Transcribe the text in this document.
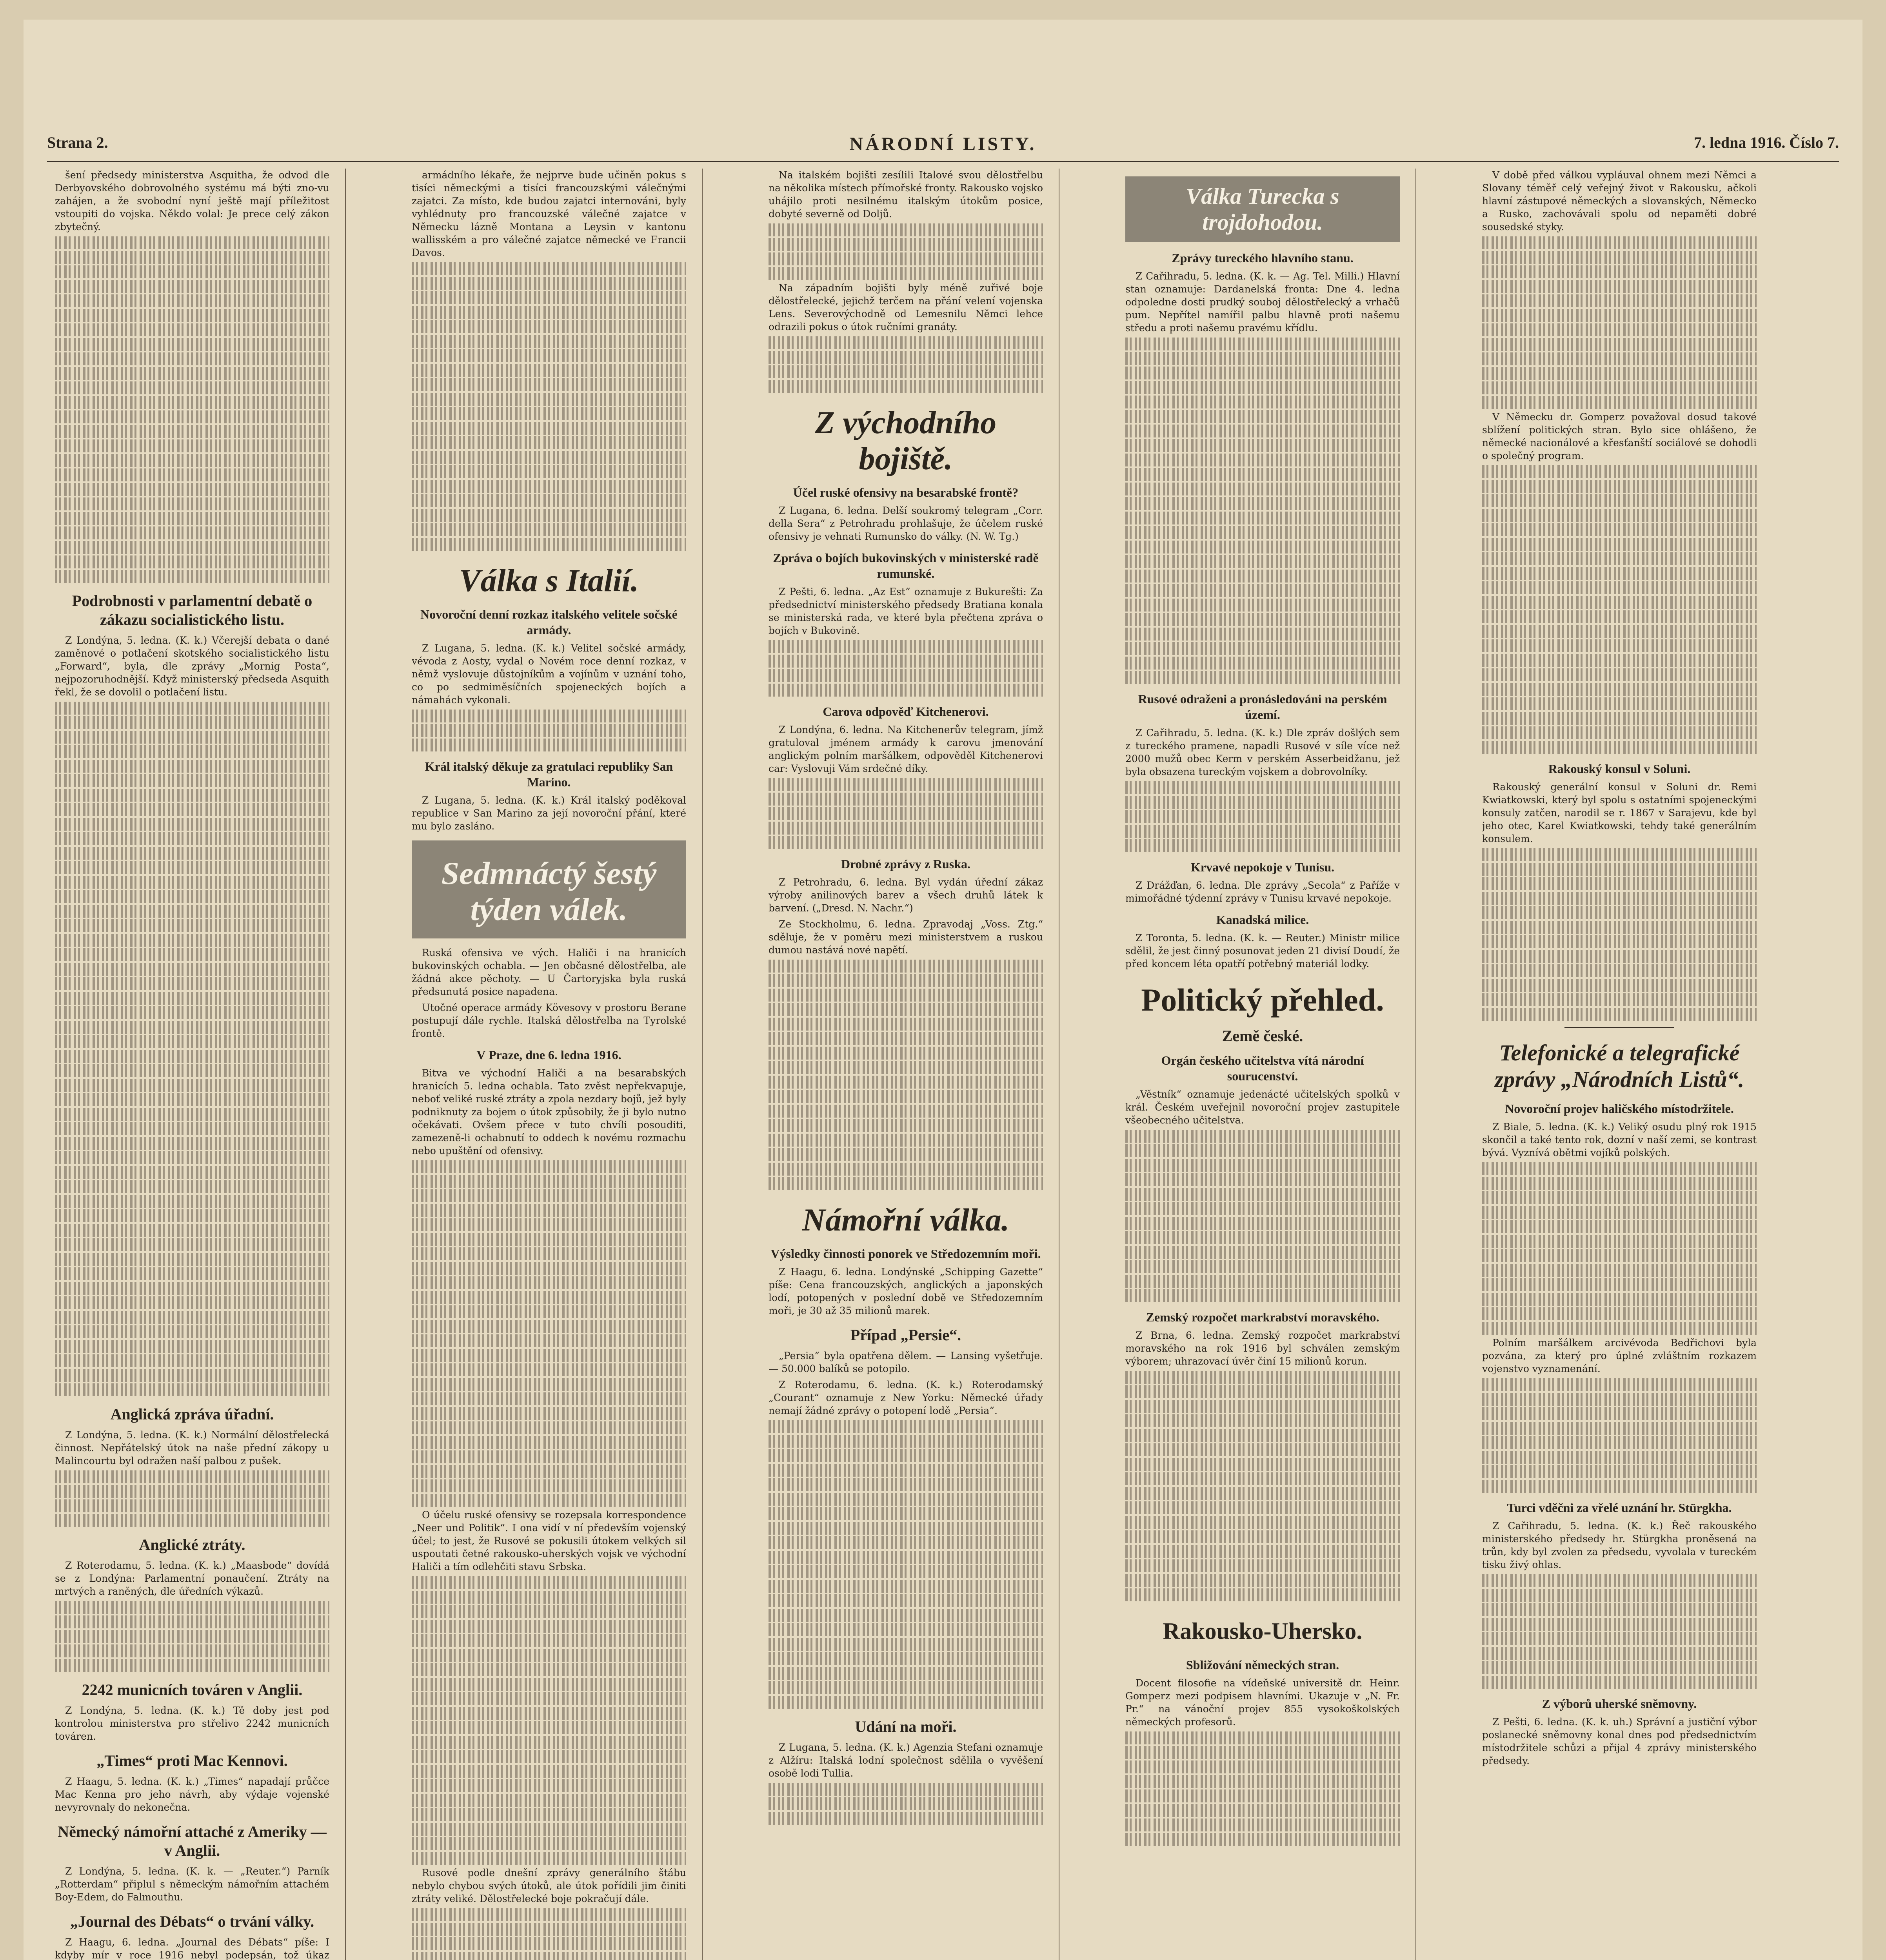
Strana 2.	NÁRODNÍ LISTY.	7. ledna 1916. Číslo 7.

šení předsedy ministerstva Asquitha, že odvod dle Derbyovského dobrovolného systému má býti zno-vu zahájen, a že svobodní nyní ještě mají příležitost vstoupiti do vojska. Někdo volal: Je prece celý zákon zbytečný.

Podrobnosti v parlamentní debatě o zákazu socialistického listu.

Z Londýna, 5. ledna. (K. k.) Včerejší debata o dané zaměnové o potlačení skotského socialistického listu „Forward“, byla, dle zprávy „Mornig Posta“, nejpozoruhodnější. Když ministerský předseda Asquith řekl, že se dovolil o potlačení listu.

Anglická zpráva úřadní.

Z Londýna, 5. ledna. (K. k.) Normální dělostřelecká činnost. Nepřátelský útok na naše přední zákopy u Malincourtu byl odražen naší palbou z pušek.

Anglické ztráty.

Z Roterodamu, 5. ledna. (K. k.) „Maasbode“ dovídá se z Londýna: Parlamentní ponaučení. Ztráty na mrtvých a raněných, dle úředních výkazů.

2242 municních továren v Anglii.

Z Londýna, 5. ledna. (K. k.) Tě doby jest pod kontrolou ministerstva pro střelivo 2242 municních továren.

„Times“ proti Mac Kennovi.

Z Haagu, 5. ledna. (K. k.) „Times“ napadají průčce Mac Kenna pro jeho návrh, aby výdaje vojenské nevyrovnaly do nekonečna.

Německý námořní attaché z Ameriky — v Anglii.

Z Londýna, 5. ledna. (K. k. — „Reuter.“) Parník „Rotterdam“ připlul s německým námořním attachém Boy-Edem, do Falmouthu.

„Journal des Débats“ o trvání války.

Z Haagu, 6. ledna. „Journal des Débats“ píše: I kdyby mír v roce 1916 nebyl podepsán, tož úkaz

armádního lékaře, že nejprve bude učiněn pokus s tisíci německými a tisíci francouzskými válečnými zajatci. Za místo, kde budou zajatci internováni, byly vyhlédnuty pro francouzské válečné zajatce v Německu lázně Montana a Leysin v kantonu wallisském a pro válečné zajatce německé ve Francii Davos.

Válka s Italií.
Novoroční denní rozkaz italského velitele sočské armády.

Z Lugana, 5. ledna. (K. k.) Velitel sočské armády, vévoda z Aosty, vydal o Novém roce denní rozkaz, v němž vyslovuje důstojníkům a vojínům v uznání toho, co po sedmiměsíčních spojeneckých bojích a námahách vykonali.

Král italský děkuje za gratulaci republiky San Marino.

Z Lugana, 5. ledna. (K. k.) Král italský poděkoval republice v San Marino za její novoroční přání, které mu bylo zasláno.

Sedmnáctý šestý týden válek.

Ruská ofensiva ve vých. Haliči i na hranicích bukovinských ochabla. — Jen občasné dělostřelba, ale žádná akce pěchoty. — U Čartoryjska byla ruská předsunutá posice napadena.

Utočné operace armády Kövesovy v prostoru Berane postupují dále rychle. Italská dělostřelba na Tyrolské frontě.

V Praze, dne 6. ledna 1916.

Bitva ve východní Haliči a na besarabských hranicích 5. ledna ochabla. Tato zvěst nepřekvapuje, neboť veliké ruské ztráty a zpola nezdary bojů, jež byly podniknuty za bojem o útok způsobily, že ji bylo nutno očekávati. Ovšem přece v tuto chvíli posouditi, zamezeně-li ochabnutí to oddech k novému rozmachu nebo upuštění od ofensivy.

O účelu ruské ofensivy se rozepsala korrespondence „Neer und Politik“. I ona vidí v ní především vojenský účel; to jest, že Rusové se pokusili útokem velkých sil uspoutati četné rakousko-uherských vojsk ve východní Haliči a tím odlehčiti stavu Srbska.

Rusové podle dnešní zprávy generálního štábu nebylo chybou svých útoků, ale útok pořídili jim činiti ztráty veliké. Dělostřelecké boje pokračují dále.

Na italském bojišti zesílili Italové svou dělostřelbu na několika místech přímořské fronty. Rakousko vojsko uhájilo proti nesilnému italským útokům posice, dobyté severně od Doljů.

Na západním bojišti byly méně zuřivé boje dělostřelecké, jejichž terčem na přání velení vojenska Lens. Severovýchodně od Lemesnilu Němci lehce odrazili pokus o útok ručními granáty.

Z východního bojiště.
Účel ruské ofensivy na besarabské frontě?

Z Lugana, 6. ledna. Delší soukromý telegram „Corr. della Sera“ z Petrohradu prohlašuje, že účelem ruské ofensivy je vehnati Rumunsko do války. (N. W. Tg.)

Zpráva o bojích bukovinských v ministerské radě rumunské.

Z Pešti, 6. ledna. „Az Est“ oznamuje z Bukurešti: Za předsednictví ministerského předsedy Bratiana konala se ministerská rada, ve které byla přečtena zpráva o bojích v Bukovině.

Carova odpověď Kitchenerovi.

Z Londýna, 6. ledna. Na Kitchenerův telegram, jímž gratuloval jménem armády k carovu jmenování anglickým polním maršálkem, odpověděl Kitchenerovi car: Vyslovuji Vám srdečné díky.

Drobné zprávy z Ruska.

Z Petrohradu, 6. ledna. Byl vydán úřední zákaz výroby anilinových barev a všech druhů látek k barvení. („Dresd. N. Nachr.“)

Ze Stockholmu, 6. ledna. Zpravodaj „Voss. Ztg.“ sděluje, že v poměru mezi ministerstvem a ruskou dumou nastává nové napětí.

Námořní válka.
Výsledky činnosti ponorek ve Středozemním moři.

Z Haagu, 6. ledna. Londýnské „Schipping Gazette“ píše: Cena francouzských, anglických a japonských lodí, potopených v poslední době ve Středozemním moři, je 30 až 35 milionů marek.

Případ „Persie“.

„Persia“ byla opatřena dělem. — Lansing vyšetřuje. — 50.000 balíků se potopilo.

Z Roterodamu, 6. ledna. (K. k.) Roterodamský „Courant“ oznamuje z New Yorku: Německé úřady nemají žádné zprávy o potopení lodě „Persia“.

Udání na moři.

Z Lugana, 5. ledna. (K. k.) Agenzia Stefani oznamuje z Alžíru: Italská lodní společnost sdělila o vyvěšení osobě lodi Tullia.

Válka Turecka s trojdohodou.
Zprávy tureckého hlavního stanu.

Z Cařihradu, 5. ledna. (K. k. — Ag. Tel. Milli.) Hlavní stan oznamuje: Dardanelská fronta: Dne 4. ledna odpoledne dosti prudký souboj dělostřelecký a vrhačů pum. Nepřítel namířil palbu hlavně proti našemu středu a proti našemu pravému křídlu.

Rusové odraženi a pronásledováni na perském území.

Z Cařihradu, 5. ledna. (K. k.) Dle zpráv došlých sem z tureckého pramene, napadli Rusové v síle více než 2000 mužů obec Kerm v perském Asserbeidžanu, jež byla obsazena tureckým vojskem a dobrovolníky.

Krvavé nepokoje v Tunisu.

Z Drážďan, 6. ledna. Dle zprávy „Secola“ z Paříže v mimořádné týdenní zprávy v Tunisu krvavé nepokoje.

Kanadská milice.

Z Toronta, 5. ledna. (K. k. — Reuter.) Ministr milice sdělil, že jest činný posunovat jeden 21 divisí Doudí, že před koncem léta opatří potřebný materiál lodky.

Politický přehled.
Země české.
Orgán českého učitelstva vítá národní sourucenství.

„Věstník“ oznamuje jedenácté učitelských spolků v král. Českém uveřejnil novoroční projev zastupitele všeobecného učitelstva.

Zemský rozpočet markrabství moravského.

Z Brna, 6. ledna. Zemský rozpočet markrabství moravského na rok 1916 byl schválen zemským výborem; uhrazovací úvěr činí 15 milionů korun.

Rakousko-Uhersko.
Sbližování německých stran.

Docent filosofie na vídeňské universitě dr. Heinr. Gomperz mezi podpisem hlavními. Ukazuje v „N. Fr. Pr.“ na vánoční projev 855 vysokoškolských německých profesorů.

V době před válkou vypláuval ohnem mezi Němci a Slovany téměř celý veřejný život v Rakousku, ačkoli hlavní zástupové německých a slovanských, Německo a Rusko, zachovávali spolu od nepaměti dobré sousedské styky.

V Německu dr. Gomperz považoval dosud takové sblížení politických stran. Bylo sice ohlášeno, že německé nacionálové a křesťanští sociálové se dohodli o společný program.

Rakouský konsul v Soluni.

Rakouský generální konsul v Soluni dr. Remi Kwiatkowski, který byl spolu s ostatními spojeneckými konsuly zatčen, narodil se r. 1867 v Sarajevu, kde byl jeho otec, Karel Kwiatkowski, tehdy také generálním konsulem.

Telefonické a telegrafické zprávy „Národních Listů“.
Novoroční projev haličského místodržitele.

Z Biale, 5. ledna. (K. k.) Veliký osudu plný rok 1915 skončil a také tento rok, dozní v naší zemi, se kontrast bývá. Vyznívá obětmi vojíků polských.

Polním maršálkem arcivévoda Bedřichovi byla pozvána, za který pro úplné zvláštním rozkazem vojenstvo vyznamenání.

Turci vděčni za vřelé uznání hr. Stürgkha.

Z Cařihradu, 5. ledna. (K. k.) Řeč rakouského ministerského předsedy hr. Stürgkha proněsená na trůn, kdy byl zvolen za předsedu, vyvolala v tureckém tisku živý ohlas.

Z výborů uherské sněmovny.

Z Pešti, 6. ledna. (K. k. uh.) Správní a justiční výbor poslanecké sněmovny konal dnes pod předsednictvím místodržitele schůzi a přijal 4 zprávy ministerského předsedy.
